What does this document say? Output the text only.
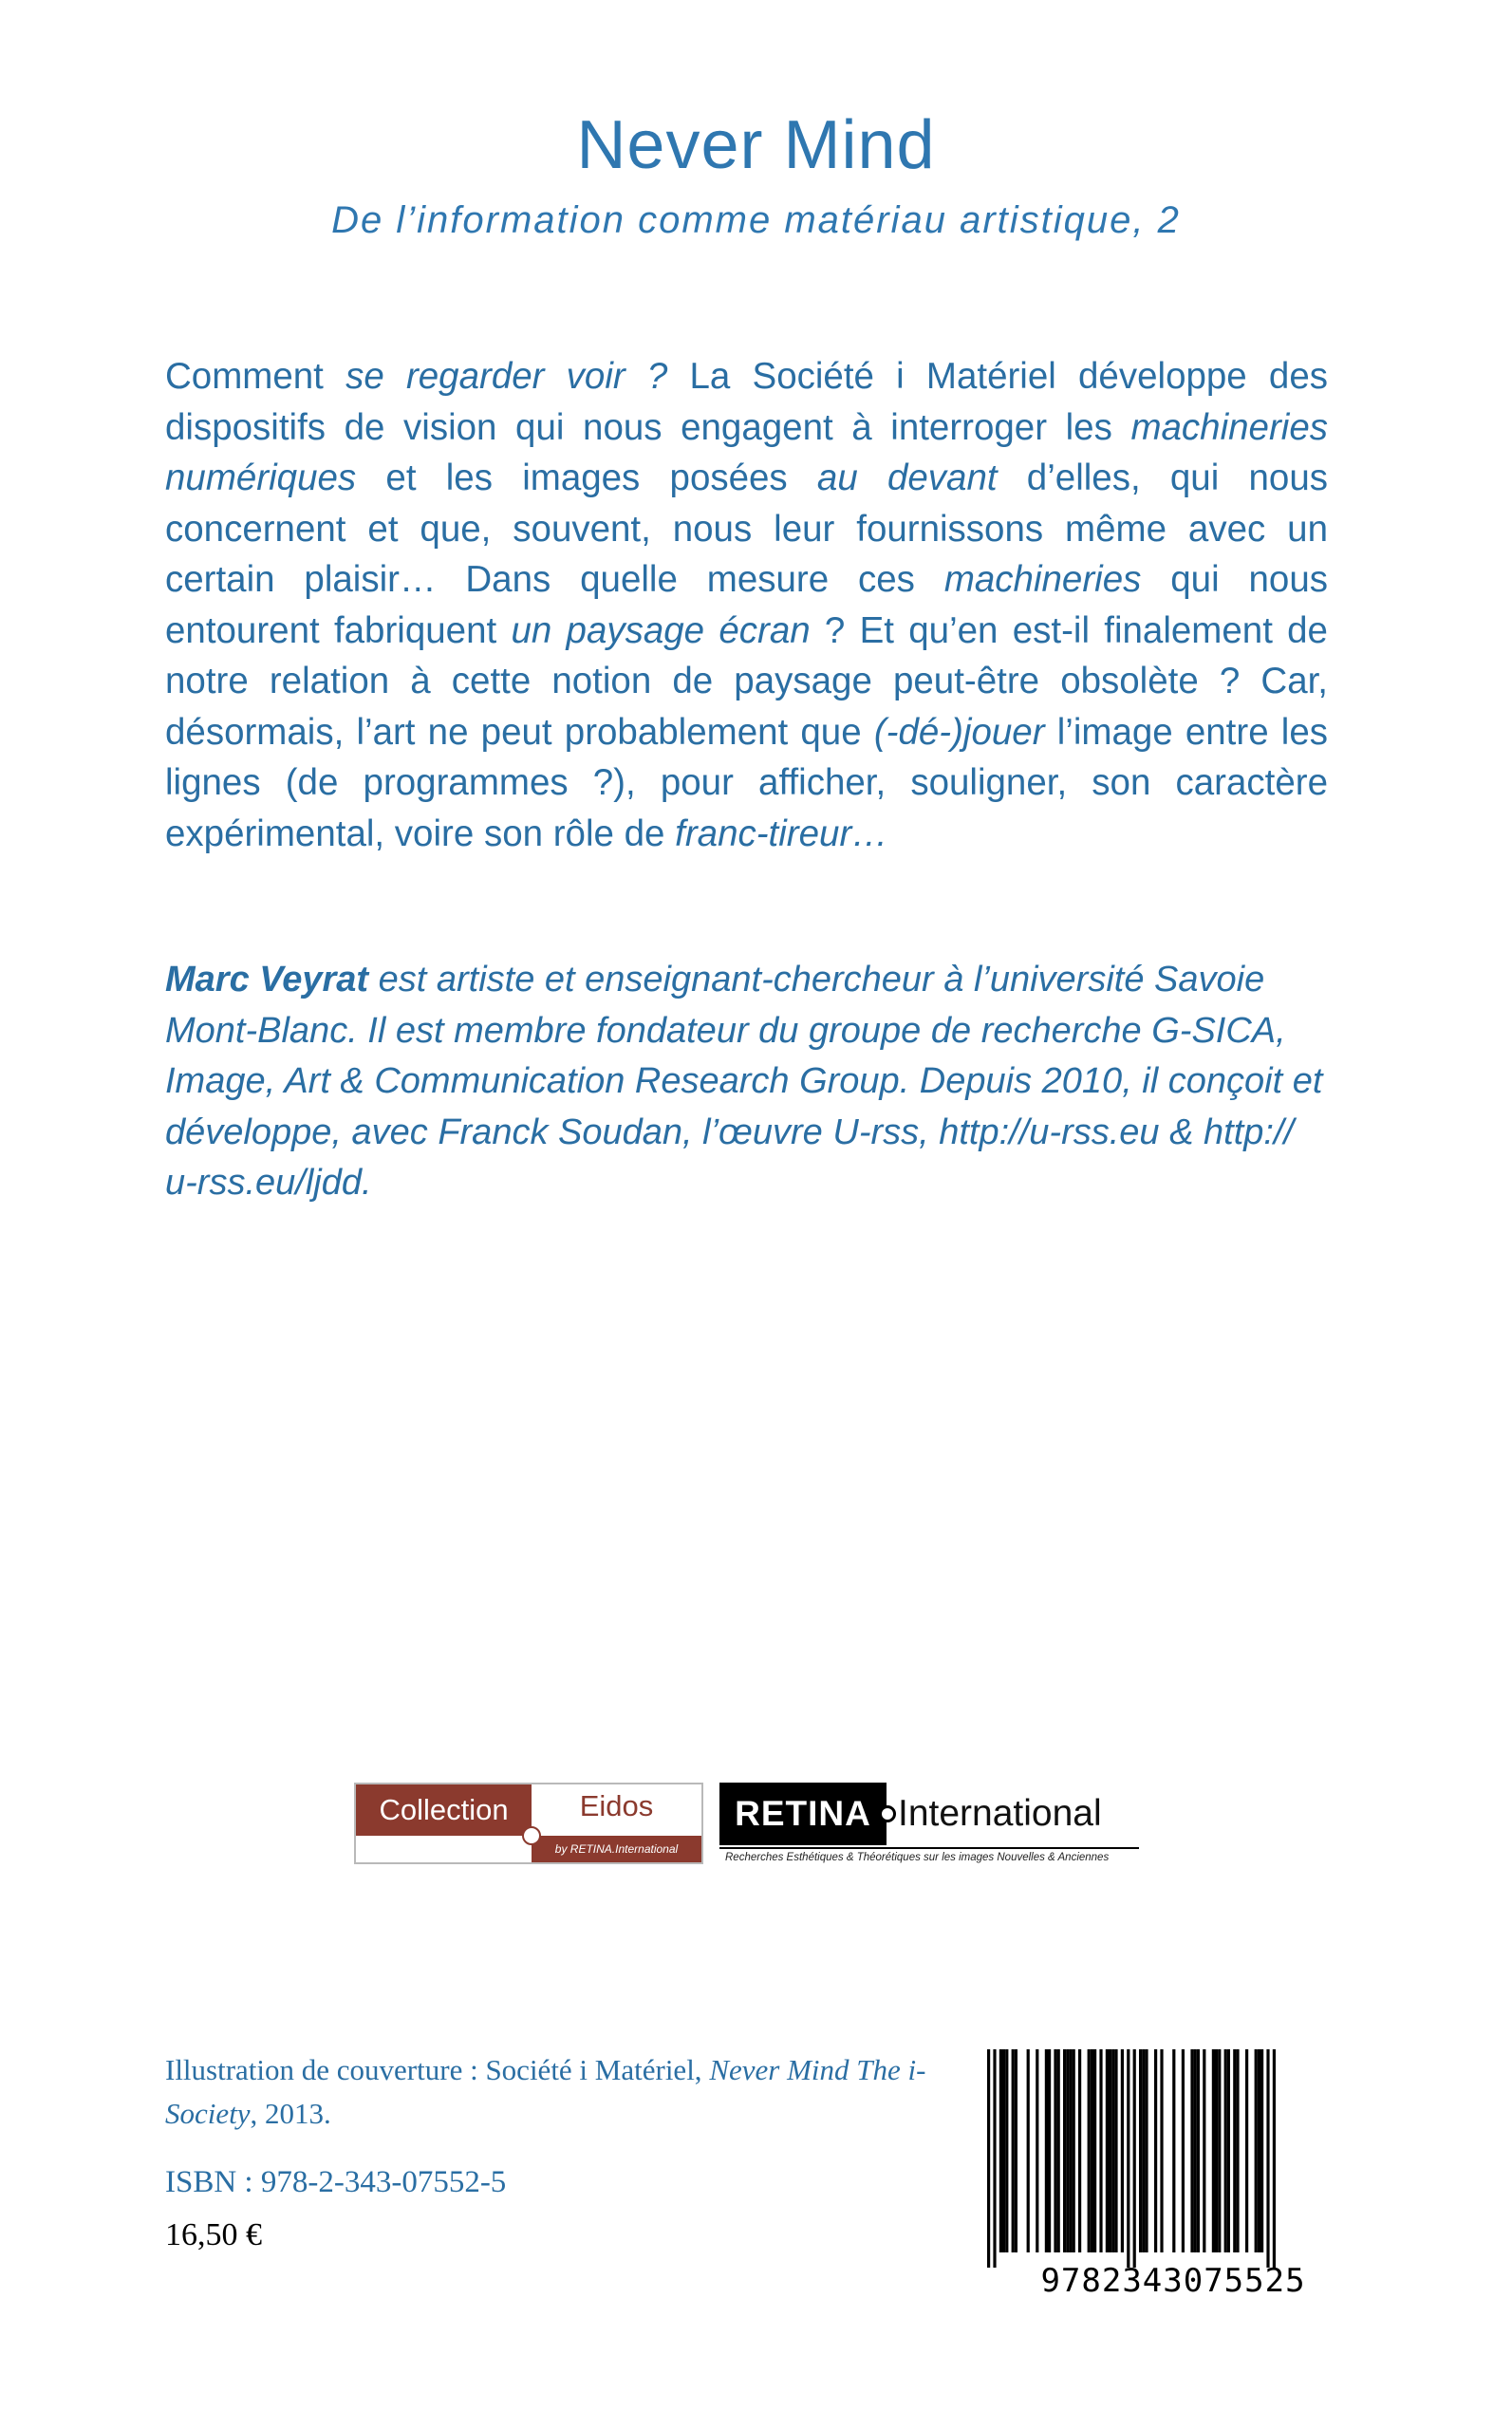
Never Mind
De l’information comme matériau artistique, 2

Comment se regarder voir ? La Société i Matériel développe des dispositifs de vision qui nous engagent à interroger les machineries numériques et les images posées au devant d’elles, qui nous concernent et que, souvent, nous leur fournissons même avec un certain plaisir… Dans quelle mesure ces machineries qui nous entourent fabriquent un paysage écran ? Et qu’en est-il finalement de notre relation à cette notion de paysage peut-être obsolète ? Car, désormais, l’art ne peut probablement que (-dé-)jouer l’image entre les lignes (de programmes ?), pour afficher, souligner, son caractère expérimental, voire son rôle de franc-tireur…

Marc Veyrat est artiste et enseignant-chercheur à l’université Savoie Mont-Blanc. Il est membre fondateur du groupe de recherche G-SICA, Image, Art & Communication Research Group. Depuis 2010, il conçoit et développe, avec Franck Soudan, l’œuvre U-rss, http://u-rss.eu & http:// u-rss.eu/ljdd.

Collection	Eidos
by RETINA.International
RETINA International
Recherches Esthétiques & Théorétiques sur les images Nouvelles & Anciennes

Illustration de couverture : Société i Matériel, Never Mind The i-Society, 2013.

ISBN : 978-2-343-07552-5
16,50 €
9782343075525
